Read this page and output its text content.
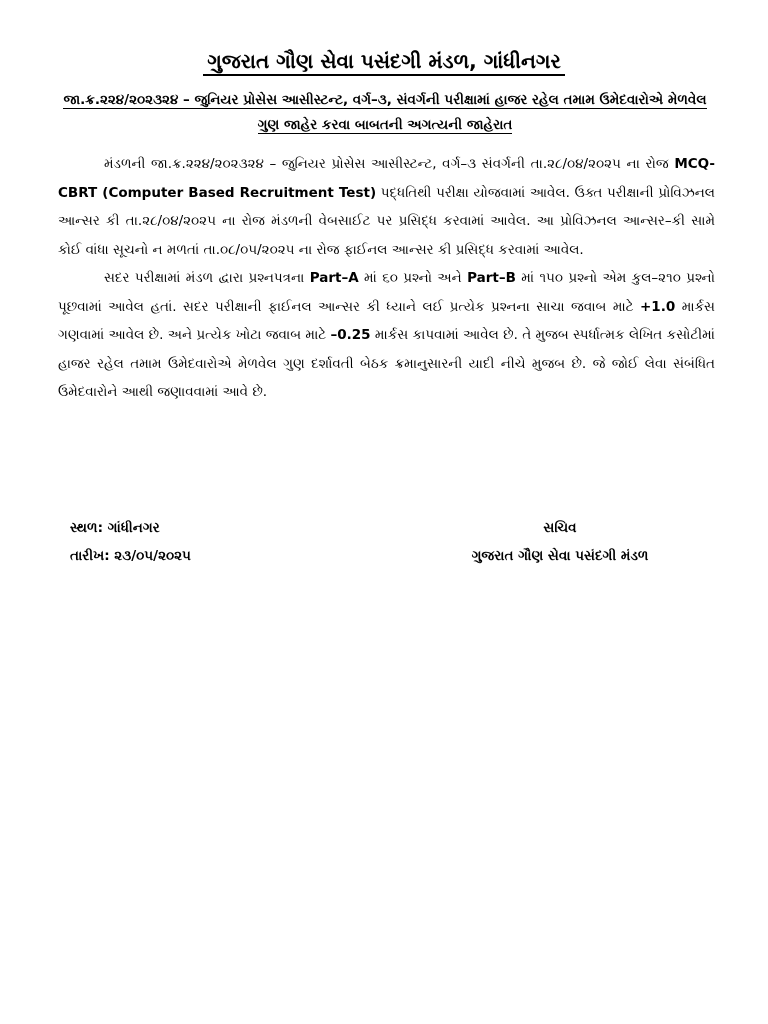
ગુજરાત ગૌણ સેવા પસંદગી મંડળ, ગાંધીનગર
જા.ક્ર.૨૨૪/૨૦૨૩૨૪ – જુનિયર પ્રોસેસ આસીસ્ટન્ટ, વર્ગ–૩, સંવર્ગની પરીક્ષામાં હાજર રહેલ તમામ ઉમેદવારોએ મેળવેલ ગુણ જાહેર કરવા બાબતની અગત્યની જાહેરાત

મંડળની જા.ક્ર.૨૨૪/૨૦૨૩૨૪ – જુનિયર પ્રોસેસ આસીસ્ટન્ટ, વર્ગ–૩ સંવર્ગની તા.૨૮/૦૪/૨૦૨૫ ના રોજ MCQ-CBRT (Computer Based Recruitment Test) પદ્ધતિથી પરીક્ષા યોજવામાં આવેલ. ઉક્ત પરીક્ષાની પ્રોવિઝનલ આન્સર કી તા.૨૮/૦૪/૨૦૨૫ ના રોજ મંડળની વેબસાઈટ પર પ્રસિદ્ધ કરવામાં આવેલ. આ પ્રોવિઝનલ આન્સર–કી સામે કોઈ વાંધા સૂચનો ન મળતાં તા.૦૮/૦૫/૨૦૨૫ ના રોજ ફાઈનલ આન્સર કી પ્રસિદ્ધ કરવામાં આવેલ.

સદર પરીક્ષામાં મંડળ દ્વારા પ્રશ્નપત્રના Part–A માં ૬૦ પ્રશ્નો અને Part–B માં ૧૫૦ પ્રશ્નો એમ કુલ–૨૧૦ પ્રશ્નો પૂછવામાં આવેલ હતાં. સદર પરીક્ષાની ફાઈનલ આન્સર કી ધ્યાને લઈ પ્રત્યેક પ્રશ્નના સાચા જવાબ માટે +1.0 માર્કસ ગણવામાં આવેલ છે. અને પ્રત્યેક ખોટા જવાબ માટે –0.25 માર્કસ કાપવામાં આવેલ છે. તે મુજબ સ્પર્ધાત્મક લેખિત કસોટીમાં હાજર રહેલ તમામ ઉમેદવારોએ મેળવેલ ગુણ દર્શાવતી બેઠક ક્રમાનુસારની યાદી નીચે મુજબ છે. જે જોઈ લેવા સંબંધિત ઉમેદવારોને આથી જણાવવામાં આવે છે.

સ્થળ: ગાંધીનગર	સચિવ
તારીખ: ૨૩/૦૫/૨૦૨૫	ગુજરાત ગૌણ સેવા પસંદગી મંડળ
